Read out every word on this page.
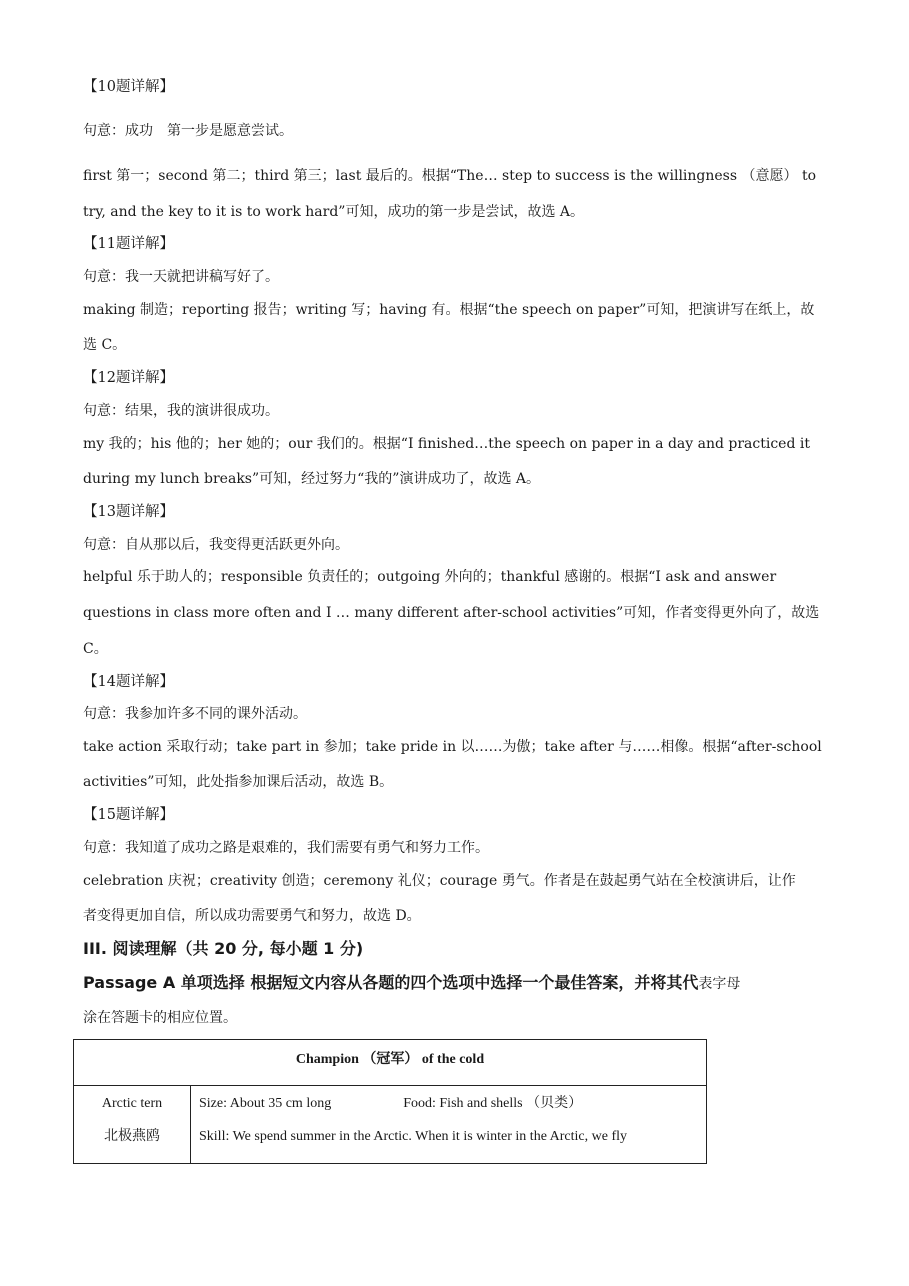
【10题详解】
句意：成功　第一步是愿意尝试。
first 第一；second 第二；third 第三；last 最后的。根据“The… step to success is the willingness （意愿） to
try, and the key to it is to work hard”可知，成功的第一步是尝试，故选 A。
【11题详解】
句意：我一天就把讲稿写好了。
making 制造；reporting 报告；writing 写；having 有。根据“the speech on paper”可知，把演讲写在纸上，故
选 C。
【12题详解】
句意：结果，我的演讲很成功。
my 我的；his 他的；her 她的；our 我们的。根据“I finished…the speech on paper in a day and practiced it
during my lunch breaks”可知，经过努力“我的”演讲成功了，故选 A。
【13题详解】
句意：自从那以后，我变得更活跃更外向。
helpful 乐于助人的；responsible 负责任的；outgoing 外向的；thankful 感谢的。根据“I ask and answer
questions in class more often and I … many different after-school activities”可知，作者变得更外向了，故选
C。
【14题详解】
句意：我参加许多不同的课外活动。
take action 采取行动；take part in 参加；take pride in 以……为傲；take after 与……相像。根据“after-school
activities”可知，此处指参加课后活动，故选 B。
【15题详解】
句意：我知道了成功之路是艰难的，我们需要有勇气和努力工作。
celebration 庆祝；creativity 创造；ceremony 礼仪；courage 勇气。作者是在鼓起勇气站在全校演讲后，让作
者变得更加自信，所以成功需要勇气和努力，故选 D。
III. 阅读理解（共 20 分, 每小题 1 分)
Passage A 单项选择 根据短文内容从各题的四个选项中选择一个最佳答案，并将其代表字母
涂在答题卡的相应位置。
Champion （冠军） of the cold

Arctic tern
北极燕鸥

Size: About 35 cm long	Food: Fish and shells （贝类）
Skill: We spend summer in the Arctic. When it is winter in the Arctic, we fly
